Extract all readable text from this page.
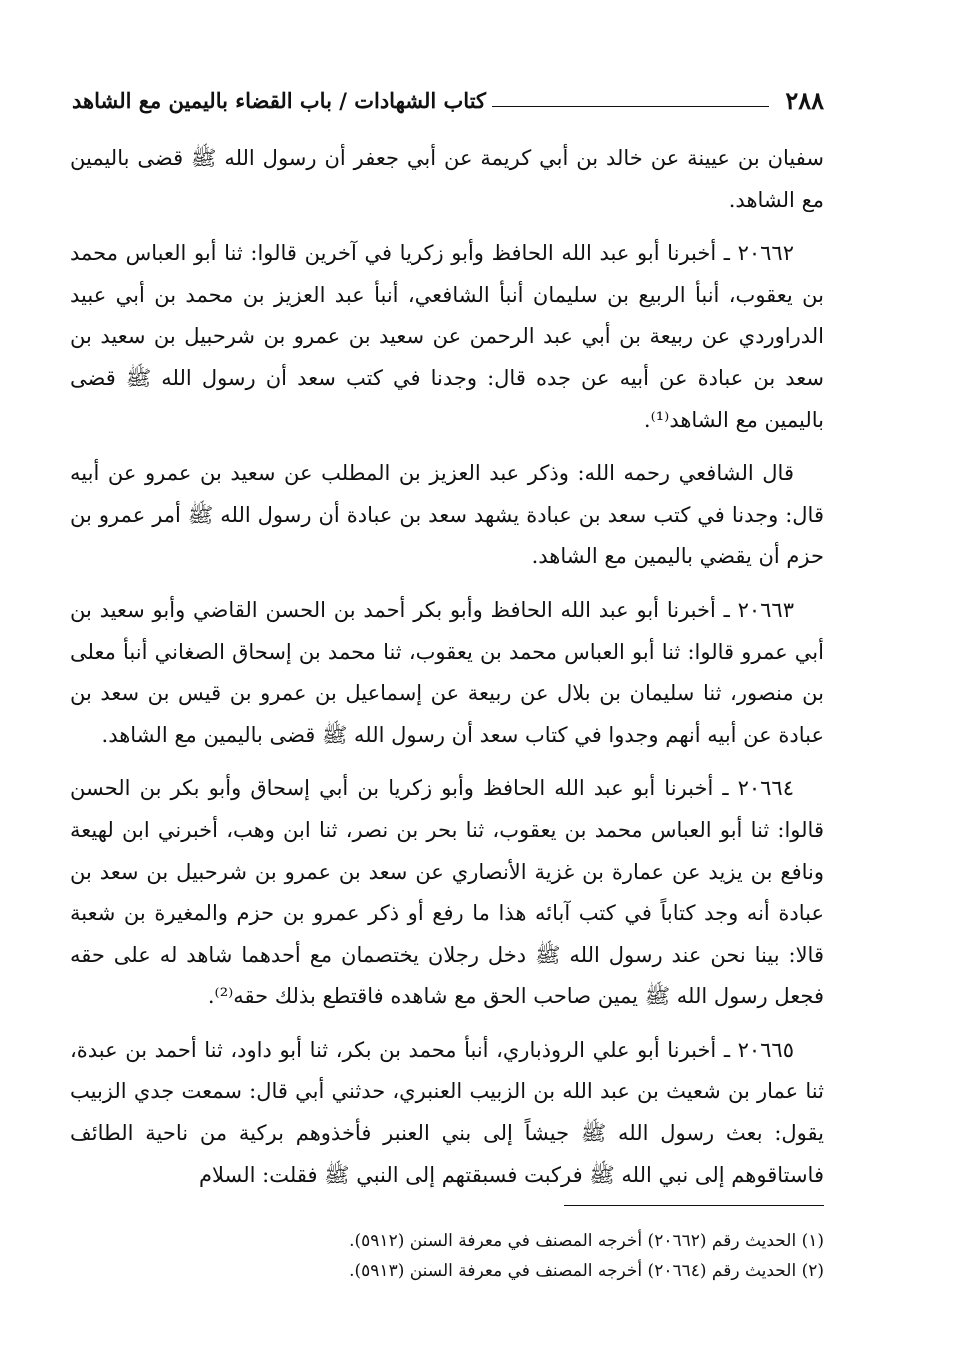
٢٨٨
كتاب الشهادات / باب القضاء باليمين مع الشاهد

سفيان بن عيينة عن خالد بن أبي كريمة عن أبي جعفر أن رسول الله ﷺ قضى باليمين مع الشاهد.

٢٠٦٦٢ ـ أخبرنا أبو عبد الله الحافظ وأبو زكريا في آخرين قالوا: ثنا أبو العباس محمد بن يعقوب، أنبأ الربيع بن سليمان أنبأ الشافعي، أنبأ عبد العزيز بن محمد بن أبي عبيد الدراوردي عن ربيعة بن أبي عبد الرحمن عن سعيد بن عمرو بن شرحبيل بن سعيد بن سعد بن عبادة عن أبيه عن جده قال: وجدنا في كتب سعد أن رسول الله ﷺ قضى باليمين مع الشاهد⁽¹⁾.

قال الشافعي رحمه الله: وذكر عبد العزيز بن المطلب عن سعيد بن عمرو عن أبيه قال: وجدنا في كتب سعد بن عبادة يشهد سعد بن عبادة أن رسول الله ﷺ أمر عمرو بن حزم أن يقضي باليمين مع الشاهد.

٢٠٦٦٣ ـ أخبرنا أبو عبد الله الحافظ وأبو بكر أحمد بن الحسن القاضي وأبو سعيد بن أبي عمرو قالوا: ثنا أبو العباس محمد بن يعقوب، ثنا محمد بن إسحاق الصغاني أنبأ معلى بن منصور، ثنا سليمان بن بلال عن ربيعة عن إسماعيل بن عمرو بن قيس بن سعد بن عبادة عن أبيه أنهم وجدوا في كتاب سعد أن رسول الله ﷺ قضى باليمين مع الشاهد.

٢٠٦٦٤ ـ أخبرنا أبو عبد الله الحافظ وأبو زكريا بن أبي إسحاق وأبو بكر بن الحسن قالوا: ثنا أبو العباس محمد بن يعقوب، ثنا بحر بن نصر، ثنا ابن وهب، أخبرني ابن لهيعة ونافع بن يزيد عن عمارة بن غزية الأنصاري عن سعد بن عمرو بن شرحبيل بن سعد بن عبادة أنه وجد كتاباً في كتب آبائه هذا ما رفع أو ذكر عمرو بن حزم والمغيرة بن شعبة قالا: بينا نحن عند رسول الله ﷺ دخل رجلان يختصمان مع أحدهما شاهد له على حقه فجعل رسول الله ﷺ يمين صاحب الحق مع شاهده فاقتطع بذلك حقه⁽²⁾.

٢٠٦٦٥ ـ أخبرنا أبو علي الروذباري، أنبأ محمد بن بكر، ثنا أبو داود، ثنا أحمد بن عبدة، ثنا عمار بن شعيث بن عبد الله بن الزبيب العنبري، حدثني أبي قال: سمعت جدي الزبيب يقول: بعث رسول الله ﷺ جيشاً إلى بني العنبر فأخذوهم بركية من ناحية الطائف فاستاقوهم إلى نبي الله ﷺ فركبت فسبقتهم إلى النبي ﷺ فقلت: السلام

(١) الحديث رقم (٢٠٦٦٢) أخرجه المصنف في معرفة السنن (٥٩١٢).

(٢) الحديث رقم (٢٠٦٦٤) أخرجه المصنف في معرفة السنن (٥٩١٣).
